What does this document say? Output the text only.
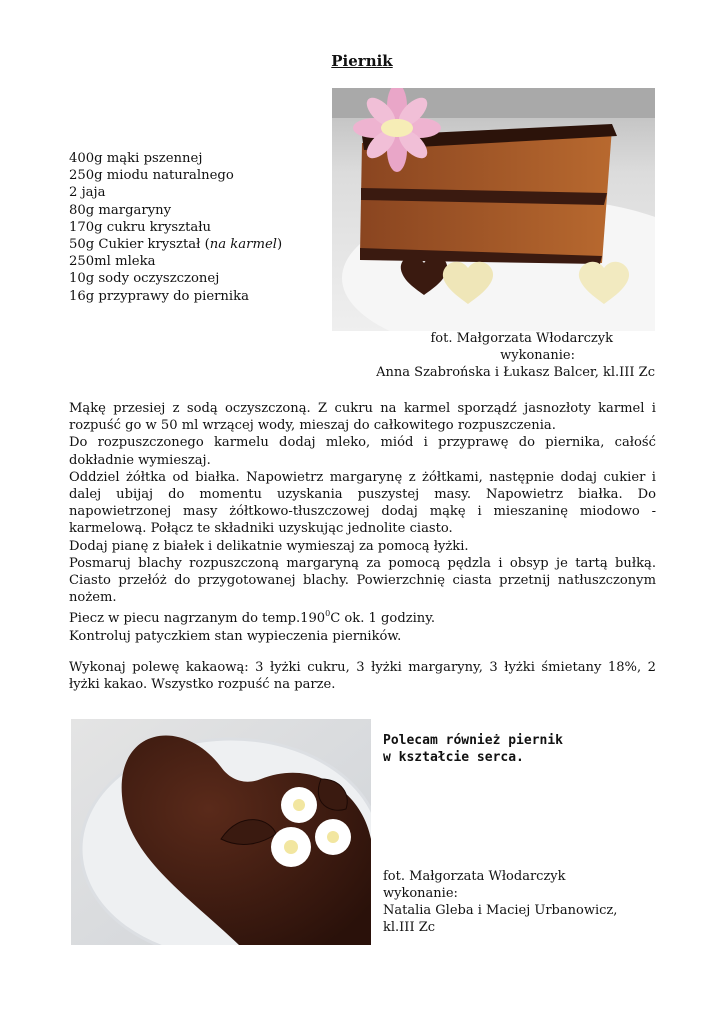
Piernik
400g mąki pszennej
250g miodu naturalnego
2 jaja
80g margaryny
170g cukru kryształu
50g Cukier kryształ (na karmel)
250ml mleka
10g sody oczyszczonej
16g przyprawy do piernika
fot. Małgorzata Włodarczyk
wykonanie:
Anna Szabrońska i Łukasz Balcer, kl.III Zc

Mąkę przesiej z sodą oczyszczoną. Z cukru na karmel sporządź jasnozłoty karmel i rozpuść go w 50 ml wrzącej wody, mieszaj do całkowitego rozpuszczenia.

Do rozpuszczonego karmelu dodaj mleko, miód i przyprawę do piernika, całość dokładnie wymieszaj.

Oddziel żółtka od białka. Napowietrz margarynę z żółtkami, następnie dodaj cukier i dalej ubijaj do momentu uzyskania puszystej masy. Napowietrz białka. Do napowietrzonej masy żółtkowo-tłuszczowej dodaj mąkę i mieszaninę miodowo - karmelową. Połącz te składniki uzyskując jednolite ciasto.

Dodaj pianę z białek i delikatnie wymieszaj za pomocą łyżki.

Posmaruj blachy rozpuszczoną margaryną za pomocą pędzla i obsyp je tartą bułką. Ciasto przełóż do przygotowanej blachy. Powierzchnię ciasta przetnij natłuszczonym nożem.

Piecz w piecu nagrzanym do temp.190$^0$C ok. 1 godziny.

Kontroluj patyczkiem stan wypieczenia pierników.

Wykonaj polewę kakaową: 3 łyżki cukru, 3 łyżki margaryny, 3 łyżki śmietany 18%, 2 łyżki kakao. Wszystko rozpuść na parze.

Polecam również piernik
w kształcie serca.
fot. Małgorzata Włodarczyk
wykonanie:
Natalia Gleba i Maciej Urbanowicz,
kl.III Zc
